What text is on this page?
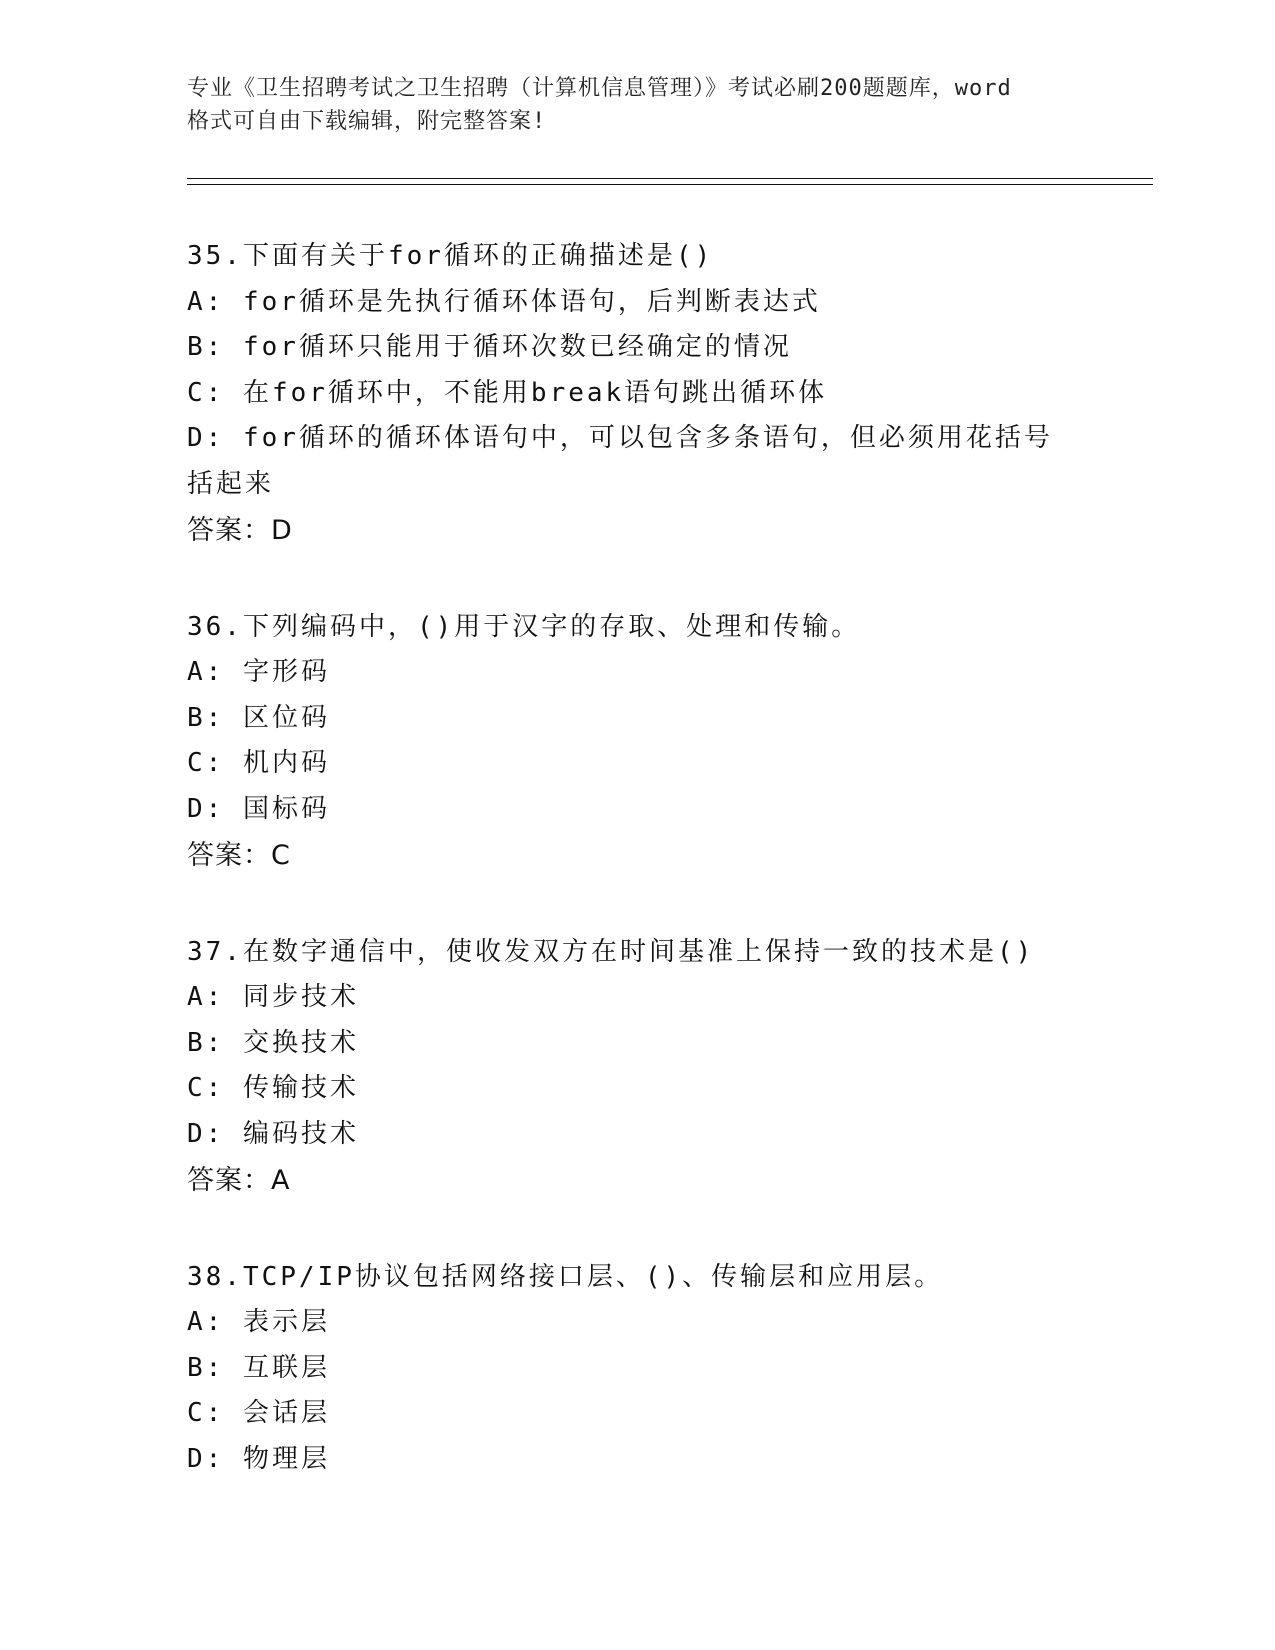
专业《卫生招聘考试之卫生招聘（计算机信息管理）》考试必刷200题题库，word
格式可自由下载编辑，附完整答案!
35.下面有关于for循环的正确描述是()
A: for循环是先执行循环体语句，后判断表达式
B: for循环只能用于循环次数已经确定的情况
C: 在for循环中，不能用break语句跳出循环体
D: for循环的循环体语句中，可以包含多条语句，但必须用花括号括起来
答案：D
36.下列编码中，()用于汉字的存取、处理和传输。
A: 字形码
B: 区位码
C: 机内码
D: 国标码
答案：C
37.在数字通信中，使收发双方在时间基准上保持一致的技术是()
A: 同步技术
B: 交换技术
C: 传输技术
D: 编码技术
答案：A
38.TCP/IP协议包括网络接口层、()、传输层和应用层。
A: 表示层
B: 互联层
C: 会话层
D: 物理层
